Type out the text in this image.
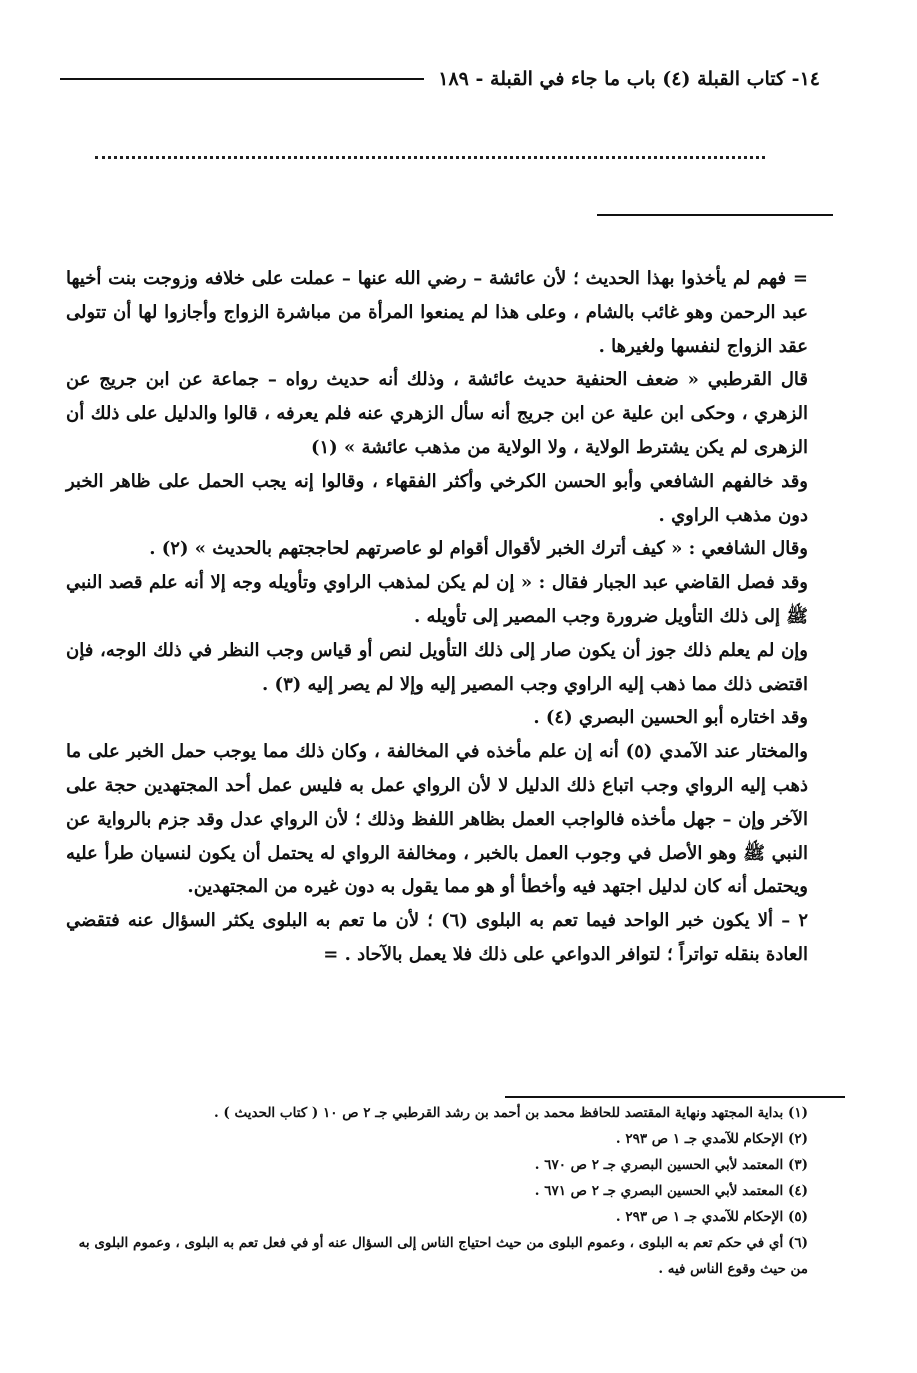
١٤- كتاب القبلة (٤) باب ما جاء في القبلة - ١٨٩

= فهم لم يأخذوا بهذا الحديث ؛ لأن عائشة – رضي الله عنها – عملت على خلافه وزوجت بنت أخيها عبد الرحمن وهو غائب بالشام ، وعلى هذا لم يمنعوا المرأة من مباشرة الزواج وأجازوا لها أن تتولى عقد الزواج لنفسها ولغيرها .

قال القرطبي « ضعف الحنفية حديث عائشة ، وذلك أنه حديث رواه – جماعة عن ابن جريج عن الزهري ، وحكى ابن علية عن ابن جريج أنه سأل الزهري عنه فلم يعرفه ، قالوا والدليل على ذلك أن الزهرى لم يكن يشترط الولاية ، ولا الولاية من مذهب عائشة » (١)

وقد خالفهم الشافعي وأبو الحسن الكرخي وأكثر الفقهاء ، وقالوا إنه يجب الحمل على ظاهر الخبر دون مذهب الراوي .

وقال الشافعي : « كيف أترك الخبر لأقوال أقوام لو عاصرتهم لحاججتهم بالحديث » (٢) .

وقد فصل القاضي عبد الجبار فقال : « إن لم يكن لمذهب الراوي وتأويله وجه إلا أنه علم قصد النبي ﷺ إلى ذلك التأويل ضرورة وجب المصير إلى تأويله .

وإن لم يعلم ذلك جوز أن يكون صار إلى ذلك التأويل لنص أو قياس وجب النظر في ذلك الوجه، فإن اقتضى ذلك مما ذهب إليه الراوي وجب المصير إليه وإلا لم يصر إليه (٣) .

وقد اختاره أبو الحسين البصري (٤) .

والمختار عند الآمدي (٥) أنه إن علم مأخذه في المخالفة ، وكان ذلك مما يوجب حمل الخبر على ما ذهب إليه الرواي وجب اتباع ذلك الدليل لا لأن الرواي عمل به فليس عمل أحد المجتهدين حجة على الآخر وإن – جهل مأخذه فالواجب العمل بظاهر اللفظ وذلك ؛ لأن الرواي عدل وقد جزم بالرواية عن النبي ﷺ وهو الأصل في وجوب العمل بالخبر ، ومخالفة الرواي له يحتمل أن يكون لنسيان طرأ عليه ويحتمل أنه كان لدليل اجتهد فيه وأخطأ أو هو مما يقول به دون غيره من المجتهدين.

٢ – ألا يكون خبر الواحد فيما تعم به البلوى (٦) ؛ لأن ما تعم به البلوى يكثر السؤال عنه فتقضي العادة بنقله تواتراً ؛ لتوافر الدواعي على ذلك فلا يعمل بالآحاد . =

(١) بداية المجتهد ونهاية المقتصد للحافظ محمد بن أحمد بن رشد القرطبي جـ ٢ ص ١٠ ( كتاب الحديث ) .

(٢) الإحكام للآمدي جـ ١ ص ٢٩٣ .

(٣) المعتمد لأبي الحسين البصري جـ ٢ ص ٦٧٠ .

(٤) المعتمد لأبي الحسين البصري جـ ٢ ص ٦٧١ .

(٥) الإحكام للآمدي جـ ١ ص ٢٩٣ .

(٦) أي في حكم تعم به البلوى ، وعموم البلوى من حيث احتياج الناس إلى السؤال عنه أو في فعل تعم به البلوى ، وعموم البلوى به من حيث وقوع الناس فيه .
